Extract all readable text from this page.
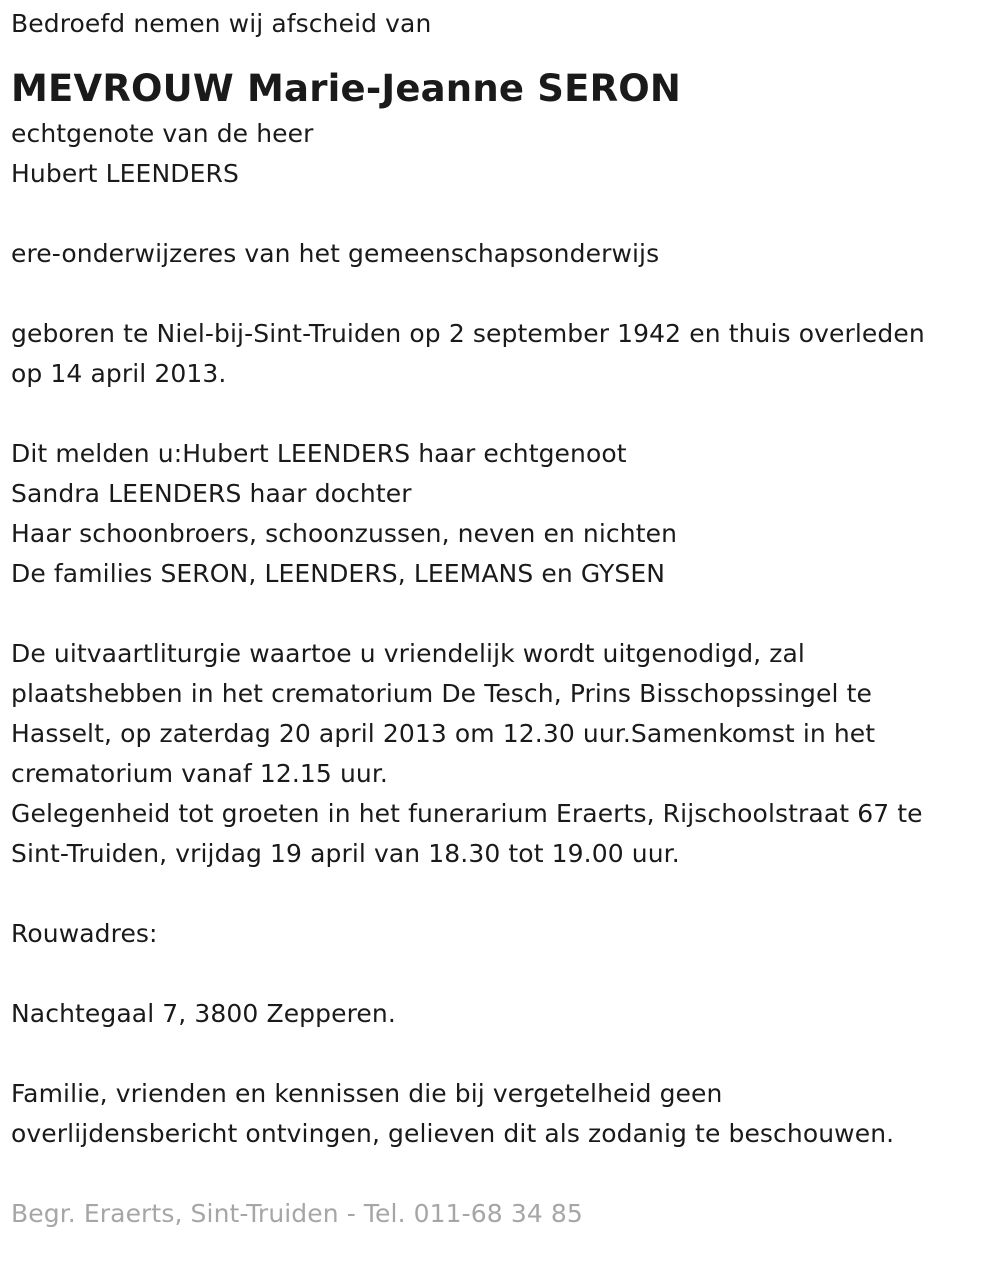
Bedroefd nemen wij afscheid van
MEVROUW Marie-Jeanne SERON
echtgenote van de heer
Hubert LEENDERS
ere-onderwijzeres van het gemeenschapsonderwijs
geboren te Niel-bij-Sint-Truiden op 2 september 1942 en thuis overleden
op 14 april 2013.
Dit melden u:Hubert LEENDERS haar echtgenoot
Sandra LEENDERS haar dochter
Haar schoonbroers, schoonzussen, neven en nichten
De families SERON, LEENDERS, LEEMANS en GYSEN
De uitvaartliturgie waartoe u vriendelijk wordt uitgenodigd, zal
plaatshebben in het crematorium De Tesch, Prins Bisschopssingel te
Hasselt, op zaterdag 20 april 2013 om 12.30 uur.Samenkomst in het
crematorium vanaf 12.15 uur.
Gelegenheid tot groeten in het funerarium Eraerts, Rijschoolstraat 67 te
Sint-Truiden, vrijdag 19 april van 18.30 tot 19.00 uur.
Rouwadres:
Nachtegaal 7, 3800 Zepperen.
Familie, vrienden en kennissen die bij vergetelheid geen
overlijdensbericht ontvingen, gelieven dit als zodanig te beschouwen.
Begr. Eraerts, Sint-Truiden - Tel. 011-68 34 85
